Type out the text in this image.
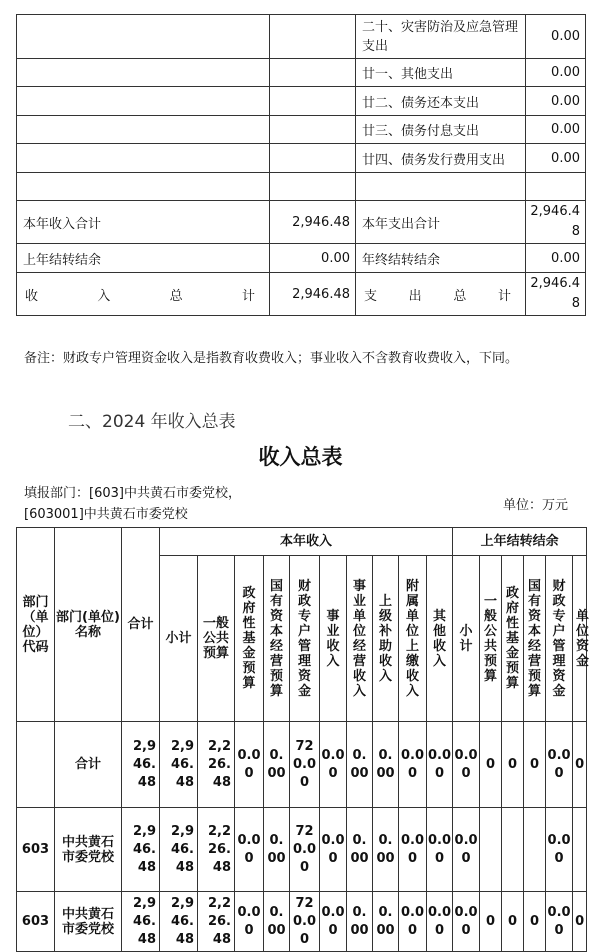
		二十、灾害防治及应急管理支出	0.00
		廿一、其他支出	0.00
		廿二、债务还本支出	0.00
		廿三、债务付息支出	0.00
		廿四、债务发行费用支出	0.00

本年收入合计	2,946.48	本年支出合计	2,946.48
上年结转结余	0.00	年终结转结余	0.00

收 入 总 计	2,946.48	支 出 总 计	2,946.48
备注：财政专户管理资金收入是指教育收费收入；事业收入不含教育收费收入，下同。
二、2024 年收入总表
收入总表
填报部门：[603]中共黄石市委党校，
[603001]中共黄石市委党校
单位：万元
部门（单位）代码	部门(单位)名称	合计	本年收入										上年结转结余					
			小计	一般公共预算	政府性基金预算	国有资本经营预算	财政专户管理资金	事业收入	事业单位经营收入	上级补助收入	附属单位上缴收入	其他收入	小计	一般公共预算	政府性基金预算	国有资本经营预算	财政专户管理资金	单位资金
	合计	2,946.48	2,946.48	2,226.48	0.00	0.00	720.00	0.00	0.00	0.00	0.00	0.00	0.00	0	0	0	0.00	0
603	中共黄石市委党校	2,946.48	2,946.48	2,226.48	0.00	0.00	720.00	0.00	0.00	0.00	0.00	0.00	0.00				0.00	
603	中共黄石市委党校	2,946.48	2,946.48	2,226.48	0.00	0.00	720.00	0.00	0.00	0.00	0.00	0.00	0.00	0	0	0	0.00	0
